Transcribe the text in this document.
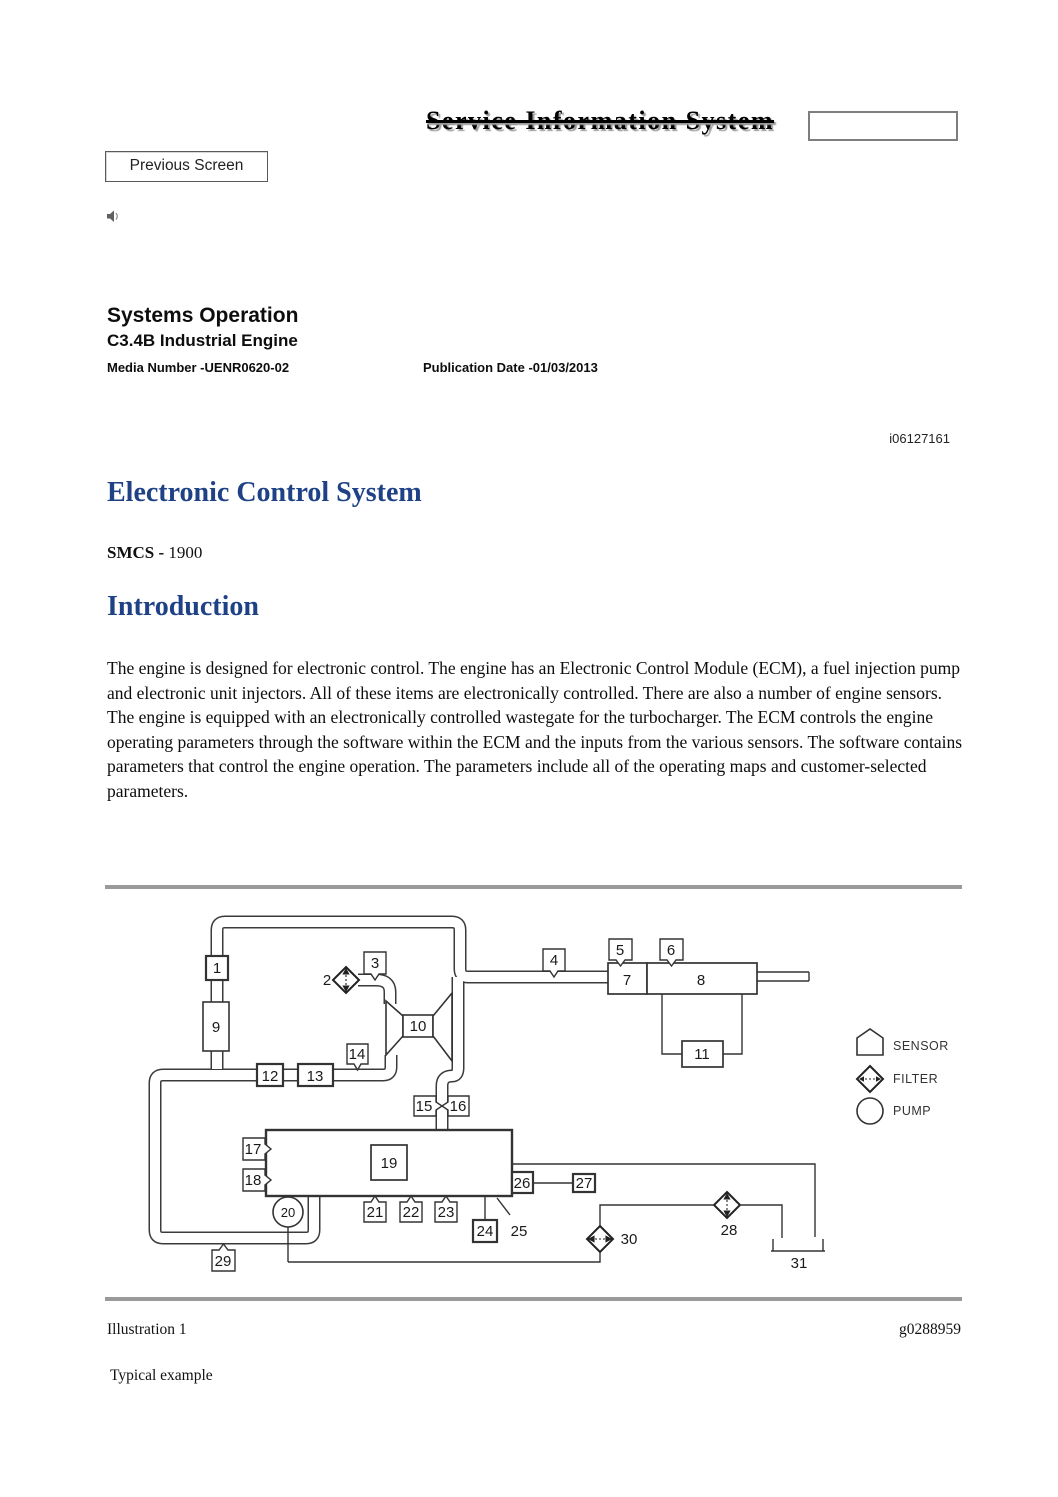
Service Information System
Previous Screen
Systems Operation
C3.4B Industrial Engine
Media Number -UENR0620-02	Publication Date -01/03/2013
i06127161
Electronic Control System
SMCS - 1900
Introduction
The engine is designed for electronic control. The engine has an Electronic Control Module (ECM), a fuel injection pump and electronic unit injectors. All of these items are electronically controlled. There are also a number of engine sensors. The engine is equipped with an electronically controlled wastegate for the turbocharger. The ECM controls the engine operating parameters through the software within the ECM and the inputs from the various sensors. The software contains parameters that control the engine operation. The parameters include all of the operating maps and customer-selected parameters.
SENSOR
FILTER
PUMP
1
2
3	4
5	6
7	8
9	10
11
12 13
14
15 16
17
18
19
20	21 22 23
24 25
26	27
28
29
30
31
Illustration 1	g0288959
Typical example
